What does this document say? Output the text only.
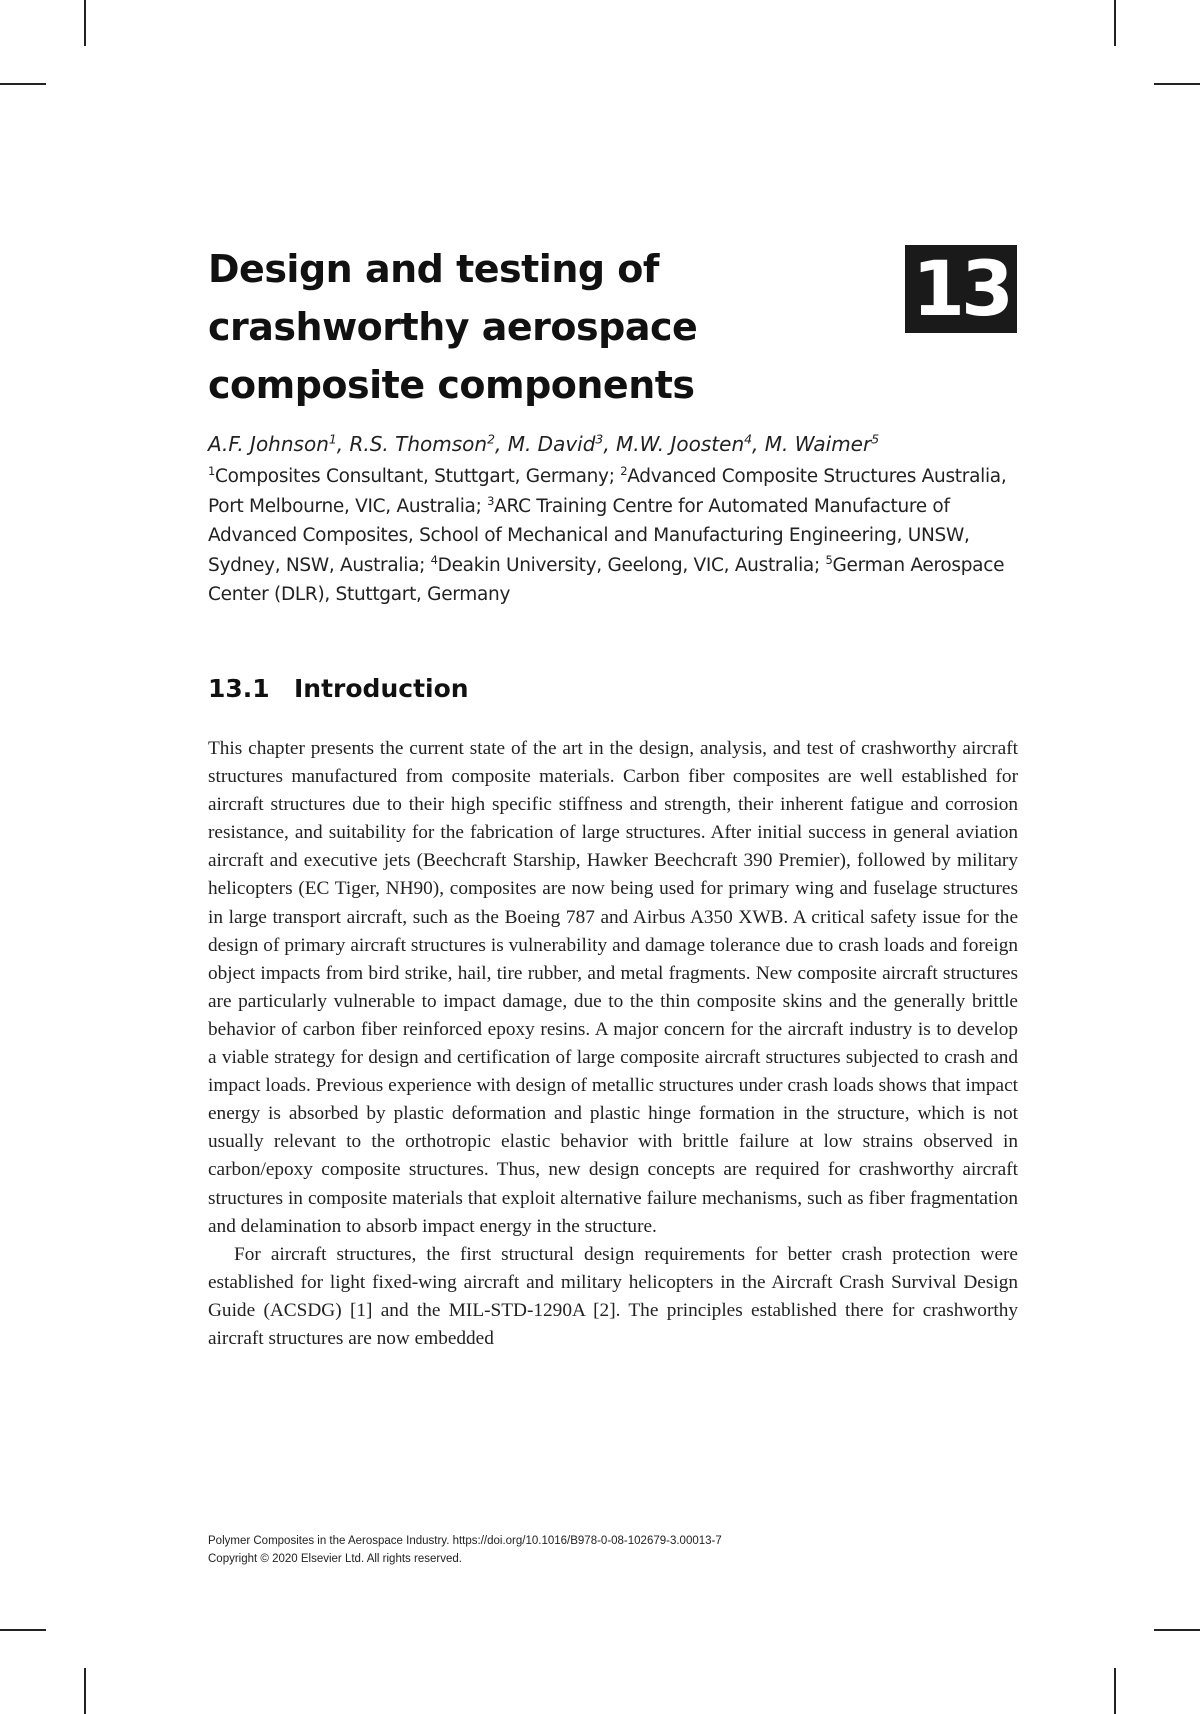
Design and testing of
crashworthy aerospace
composite components
13
A.F. Johnson$^1$, R.S. Thomson$^2$, M. David$^3$, M.W. Joosten$^4$, M. Waimer$^5$
$^1$Composites Consultant, Stuttgart, Germany; $^2$Advanced Composite Structures Australia, Port Melbourne, VIC, Australia; $^3$ARC Training Centre for Automated Manufacture of Advanced Composites, School of Mechanical and Manufacturing Engineering, UNSW, Sydney, NSW, Australia; $^4$Deakin University, Geelong, VIC, Australia; $^5$German Aerospace Center (DLR), Stuttgart, Germany
13.1 Introduction

This chapter presents the current state of the art in the design, analysis, and test of crashworthy aircraft structures manufactured from composite materials. Carbon fiber composites are well established for aircraft structures due to their high specific stiffness and strength, their inherent fatigue and corrosion resistance, and suitability for the fabrication of large structures. After initial success in general aviation aircraft and executive jets (Beechcraft Starship, Hawker Beechcraft 390 Premier), followed by military helicopters (EC Tiger, NH90), composites are now being used for primary wing and fuselage structures in large transport aircraft, such as the Boeing 787 and Airbus A350 XWB. A critical safety issue for the design of primary aircraft structures is vulnerability and damage tolerance due to crash loads and foreign object impacts from bird strike, hail, tire rubber, and metal fragments. New composite aircraft structures are particularly vulnerable to impact damage, due to the thin composite skins and the generally brittle behavior of carbon fiber reinforced epoxy resins. A major concern for the aircraft industry is to develop a viable strategy for design and certification of large composite aircraft structures subjected to crash and impact loads. Previous experience with design of metallic structures under crash loads shows that impact energy is absorbed by plastic deformation and plastic hinge formation in the structure, which is not usually relevant to the orthotropic elastic behavior with brittle failure at low strains observed in carbon/epoxy composite structures. Thus, new design concepts are required for crashworthy aircraft structures in composite materials that exploit alternative failure mechanisms, such as fiber fragmentation and delamination to absorb impact energy in the structure.

For aircraft structures, the first structural design requirements for better crash protection were established for light fixed-wing aircraft and military helicopters in the Aircraft Crash Survival Design Guide (ACSDG) [1] and the MIL-STD-1290A [2]. The principles established there for crashworthy aircraft structures are now embedded

Polymer Composites in the Aerospace Industry. https://doi.org/10.1016/B978-0-08-102679-3.00013-7
Copyright © 2020 Elsevier Ltd. All rights reserved.
